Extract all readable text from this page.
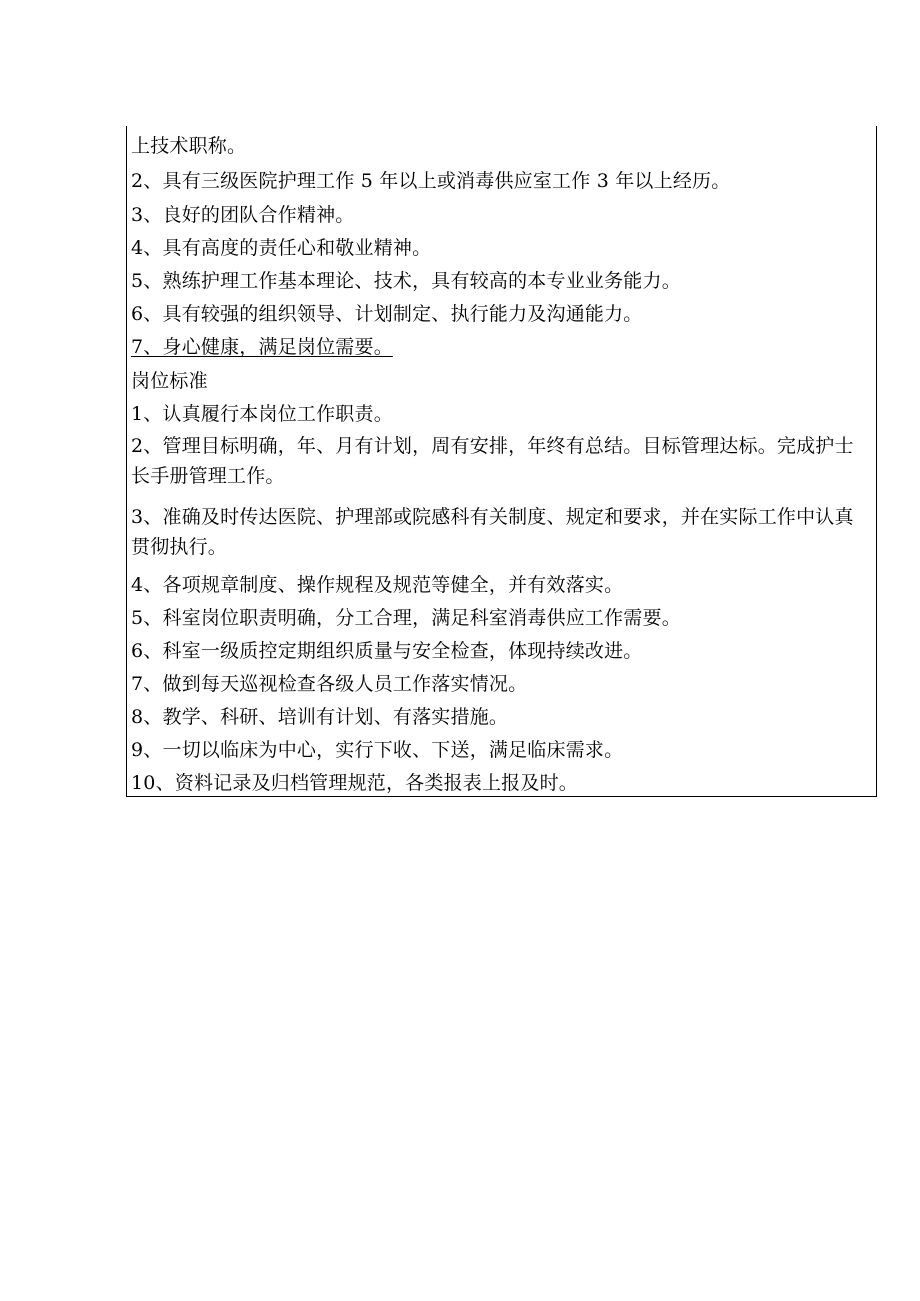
上技术职称。
2、具有三级医院护理工作 5 年以上或消毒供应室工作 3 年以上经历。
3、良好的团队合作精神。
4、具有高度的责任心和敬业精神。
5、熟练护理工作基本理论、技术，具有较高的本专业业务能力。
6、具有较强的组织领导、计划制定、执行能力及沟通能力。
7、身心健康，满足岗位需要。
岗位标准
1、认真履行本岗位工作职责。
2、管理目标明确，年、月有计划，周有安排，年终有总结。目标管理达标。完成护士长手册管理工作。
3、准确及时传达医院、护理部或院感科有关制度、规定和要求，并在实际工作中认真贯彻执行。
4、各项规章制度、操作规程及规范等健全，并有效落实。
5、科室岗位职责明确，分工合理，满足科室消毒供应工作需要。
6、科室一级质控定期组织质量与安全检查，体现持续改进。
7、做到每天巡视检查各级人员工作落实情况。
8、教学、科研、培训有计划、有落实措施。
9、一切以临床为中心，实行下收、下送，满足临床需求。
10、资料记录及归档管理规范，各类报表上报及时。
